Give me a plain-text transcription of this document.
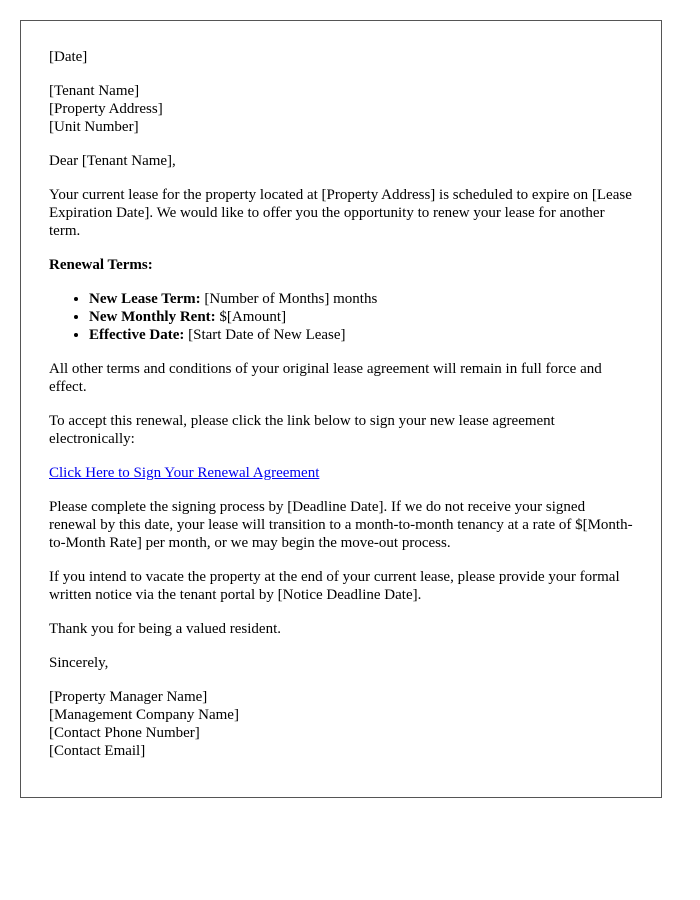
[Date]

[Tenant Name]
[Property Address]
[Unit Number]

Dear [Tenant Name],

Your current lease for the property located at [Property Address] is scheduled to expire on [Lease Expiration Date]. We would like to offer you the opportunity to renew your lease for another term.

Renewal Terms:

• New Lease Term: [Number of Months] months
• New Monthly Rent: $[Amount]
• Effective Date: [Start Date of New Lease]

All other terms and conditions of your original lease agreement will remain in full force and effect.

To accept this renewal, please click the link below to sign your new lease agreement electronically:

Click Here to Sign Your Renewal Agreement

Please complete the signing process by [Deadline Date]. If we do not receive your signed renewal by this date, your lease will transition to a month-to-month tenancy at a rate of $[Month-to-Month Rate] per month, or we may begin the move-out process.

If you intend to vacate the property at the end of your current lease, please provide your formal written notice via the tenant portal by [Notice Deadline Date].

Thank you for being a valued resident.

Sincerely,

[Property Manager Name]
[Management Company Name]
[Contact Phone Number]
[Contact Email]
